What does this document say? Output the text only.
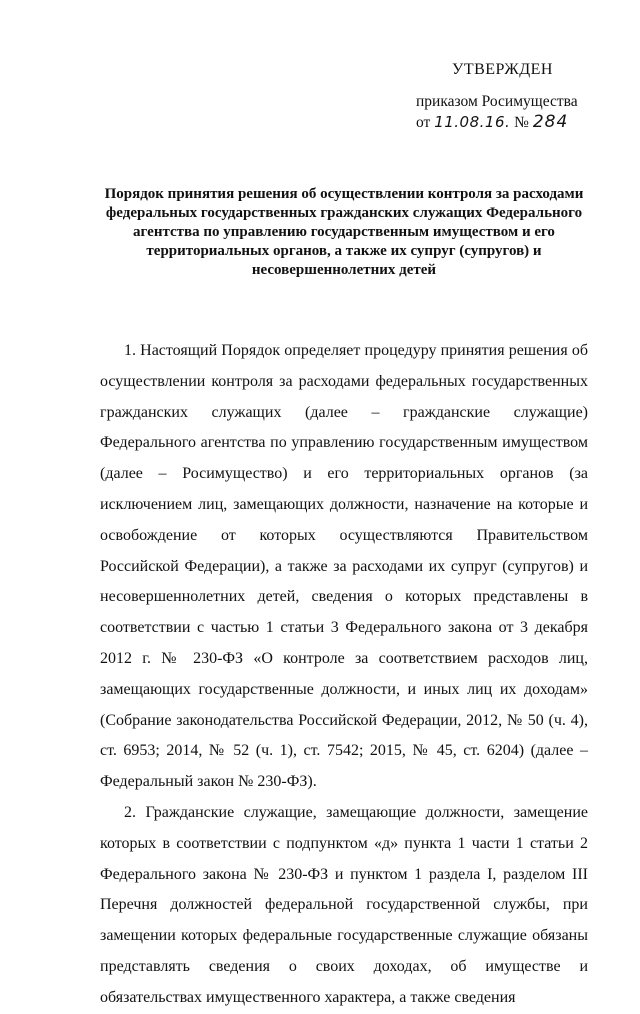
УТВЕРЖДЕН
приказом Росимущества
от 11.08.16. № 284
Порядок принятия решения об осуществлении контроля за расходами федеральных государственных гражданских служащих Федерального агентства по управлению государственным имуществом и его территориальных органов, а также их супруг (супругов) и несовершеннолетних детей

1. Настоящий Порядок определяет процедуру принятия решения об осуществлении контроля за расходами федеральных государственных гражданских служащих (далее – гражданские служащие) Федерального агентства по управлению государственным имуществом (далее – Росимущество) и его территориальных органов (за исключением лиц, замещающих должности, назначение на которые и освобождение от которых осуществляются Правительством Российской Федерации), а также за расходами их супруг (супругов) и несовершеннолетних детей, сведения о которых представлены в соответствии с частью 1 статьи 3 Федерального закона от 3 декабря 2012 г. № 230-ФЗ «О контроле за соответствием расходов лиц, замещающих государственные должности, и иных лиц их доходам» (Собрание законодательства Российской Федерации, 2012, № 50 (ч. 4), ст. 6953; 2014, № 52 (ч. 1), ст. 7542; 2015, № 45, ст. 6204) (далее – Федеральный закон № 230-ФЗ).

2. Гражданские служащие, замещающие должности, замещение которых в соответствии с подпунктом «д» пункта 1 части 1 статьи 2 Федерального закона № 230-ФЗ и пунктом 1 раздела I, разделом III Перечня должностей федеральной государственной службы, при замещении которых федеральные государственные служащие обязаны представлять сведения о своих доходах, об имуществе и обязательствах имущественного характера, а также сведения
